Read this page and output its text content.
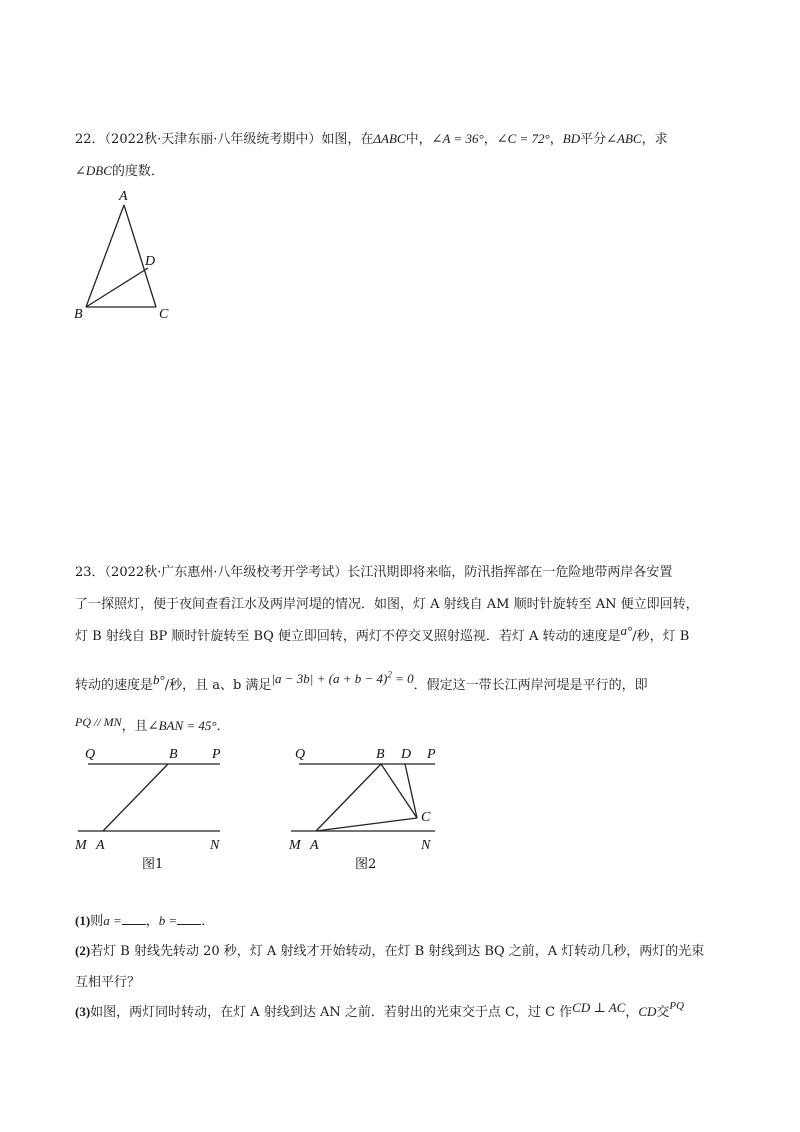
22．（2022秋·天津东丽·八年级统考期中）如图，在ΔABC中，∠A = 36°，∠C = 72°，BD平分∠ABC，求
∠DBC的度数．
A
B	C
D
23．（2022秋·广东惠州·八年级校考开学考试）长江汛期即将来临，防汛指挥部在一危险地带两岸各安置
了一探照灯，便于夜间查看江水及两岸河堤的情况．如图，灯 A 射线自 AM 顺时针旋转至 AN 便立即回转，
灯 B 射线自 BP 顺时针旋转至 BQ 便立即回转，两灯不停交叉照射巡视．若灯 A 转动的速度是a°/秒，灯 B
转动的速度是b°/秒，且 a、b 满足$|a - 3b| + (a + b - 4)^2 = 0$．假定这一带长江两岸河堤是平行的，即
PQ // MN，且∠BAN = 45°．
Q	B P
M A	N
图1
Q	B D P
C
M A	N
图2
(1)则a = ，b = ．
(2)若灯 B 射线先转动 20 秒，灯 A 射线才开始转动，在灯 B 射线到达 BQ 之前，A 灯转动几秒，两灯的光束
互相平行？
(3)如图，两灯同时转动，在灯 A 射线到达 AN 之前．若射出的光束交于点 C，过 C 作CD ⊥ AC，CD交$^{PQ}$
